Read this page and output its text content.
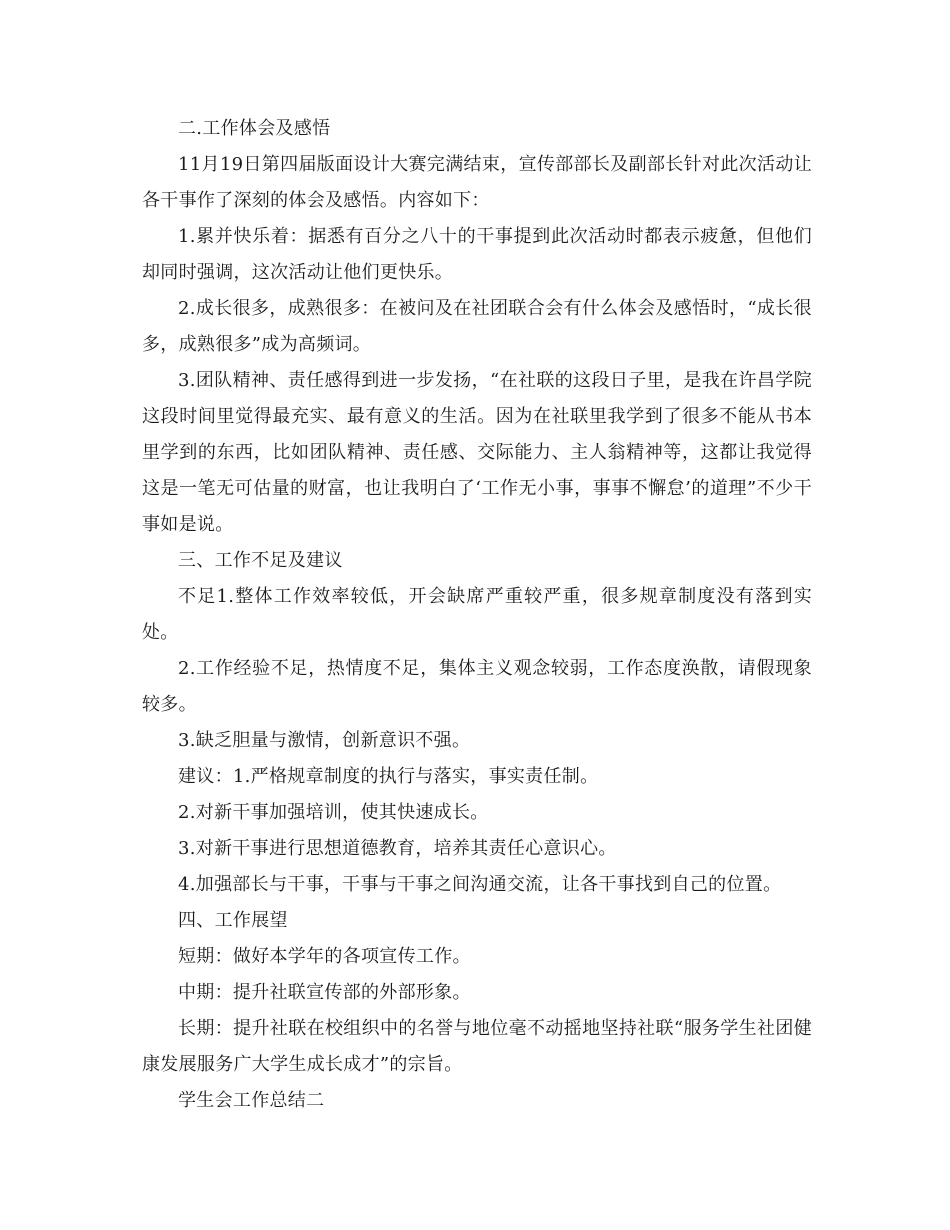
二.工作体会及感悟

11月19日第四届版面设计大赛完满结束，宣传部部长及副部长针对此次活动让各干事作了深刻的体会及感悟。内容如下：

1.累并快乐着：据悉有百分之八十的干事提到此次活动时都表示疲惫，但他们却同时强调，这次活动让他们更快乐。

2.成长很多，成熟很多：在被问及在社团联合会有什么体会及感悟时，“成长很多，成熟很多”成为高频词。

3.团队精神、责任感得到进一步发扬，“在社联的这段日子里，是我在许昌学院这段时间里觉得最充实、最有意义的生活。因为在社联里我学到了很多不能从书本里学到的东西，比如团队精神、责任感、交际能力、主人翁精神等，这都让我觉得这是一笔无可估量的财富，也让我明白了‘工作无小事，事事不懈怠’的道理”不少干事如是说。

三、工作不足及建议

不足1.整体工作效率较低，开会缺席严重较严重，很多规章制度没有落到实处。

2.工作经验不足，热情度不足，集体主义观念较弱，工作态度涣散，请假现象较多。

3.缺乏胆量与激情，创新意识不强。

建议：1.严格规章制度的执行与落实，事实责任制。

2.对新干事加强培训，使其快速成长。

3.对新干事进行思想道德教育，培养其责任心意识心。

4.加强部长与干事，干事与干事之间沟通交流，让各干事找到自己的位置。

四、工作展望

短期：做好本学年的各项宣传工作。

中期：提升社联宣传部的外部形象。

长期：提升社联在校组织中的名誉与地位毫不动摇地坚持社联“服务学生社团健康发展服务广大学生成长成才”的宗旨。

学生会工作总结二
